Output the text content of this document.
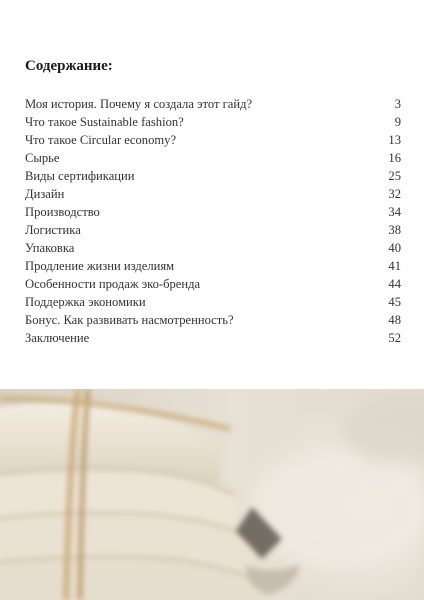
Содержание:
Моя история. Почему я создала этот гайд?	3
Что такое Sustainable fashion?	9
Что такое Circular economy?	13
Сырье	16
Виды сертификации	25
Дизайн	32
Производство	34
Логистика	38
Упаковка	40
Продление жизни изделиям	41
Особенности продаж эко-бренда	44
Поддержка экономики	45
Бонус. Как развивать насмотренность?	48
Заключение	52
